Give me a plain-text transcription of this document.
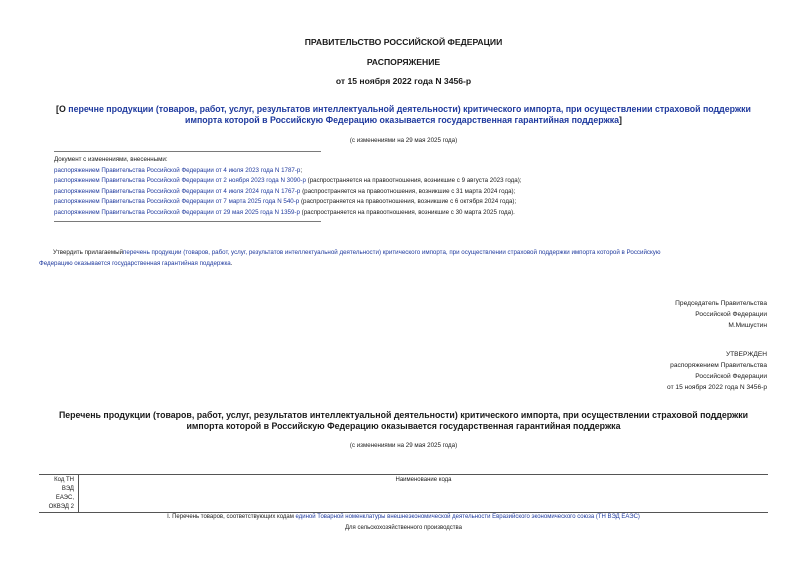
ПРАВИТЕЛЬСТВО РОССИЙСКОЙ ФЕДЕРАЦИИ
РАСПОРЯЖЕНИЕ
от 15 ноября 2022 года N 3456-р
[О перечне продукции (товаров, работ, услуг, результатов интеллектуальной деятельности) критического импорта, при осуществлении страховой поддержки
импорта которой в Российскую Федерацию оказывается государственная гарантийная поддержка]
(с изменениями на 29 мая 2025 года)
Документ с изменениями, внесенными:
распоряжением Правительства Российской Федерации от 4 июля 2023 года N 1787-р;
распоряжением Правительства Российской Федерации от 2 ноября 2023 года N 3090-р (распространяется на правоотношения, возникшие с 9 августа 2023 года);
распоряжением Правительства Российской Федерации от 4 июля 2024 года N 1767-р (распространяется на правоотношения, возникшие с 31 марта 2024 года);
распоряжением Правительства Российской Федерации от 7 марта 2025 года N 540-р (распространяется на правоотношения, возникшие с 6 октября 2024 года);
распоряжением Правительства Российской Федерации от 29 мая 2025 года N 1359-р (распространяется на правоотношения, возникшие с 30 марта 2025 года).
Утвердить прилагаемыйперечень продукции (товаров, работ, услуг, результатов интеллектуальной деятельности) критического импорта, при осуществлении страховой поддержки импорта которой в Российскую
Федерацию оказывается государственная гарантийная поддержка.
Председатель Правительства
Российской Федерации
М.Мишустин
УТВЕРЖДЕН
распоряжением Правительства
Российской Федерации
от 15 ноября 2022 года N 3456-р
Перечень продукции (товаров, работ, услуг, результатов интеллектуальной деятельности) критического импорта, при осуществлении страховой поддержки
импорта которой в Российскую Федерацию оказывается государственная гарантийная поддержка
(с изменениями на 29 мая 2025 года)
Код ТН
ВЭД
ЕАЭС,
ОКВЭД 2
Наименование кода
I. Перечень товаров, соответствующих кодам единой Товарной номенклатуры внешнеэкономической деятельности Евразийского экономического союза (ТН ВЭД ЕАЭС)
Для сельскохозяйственного производства
